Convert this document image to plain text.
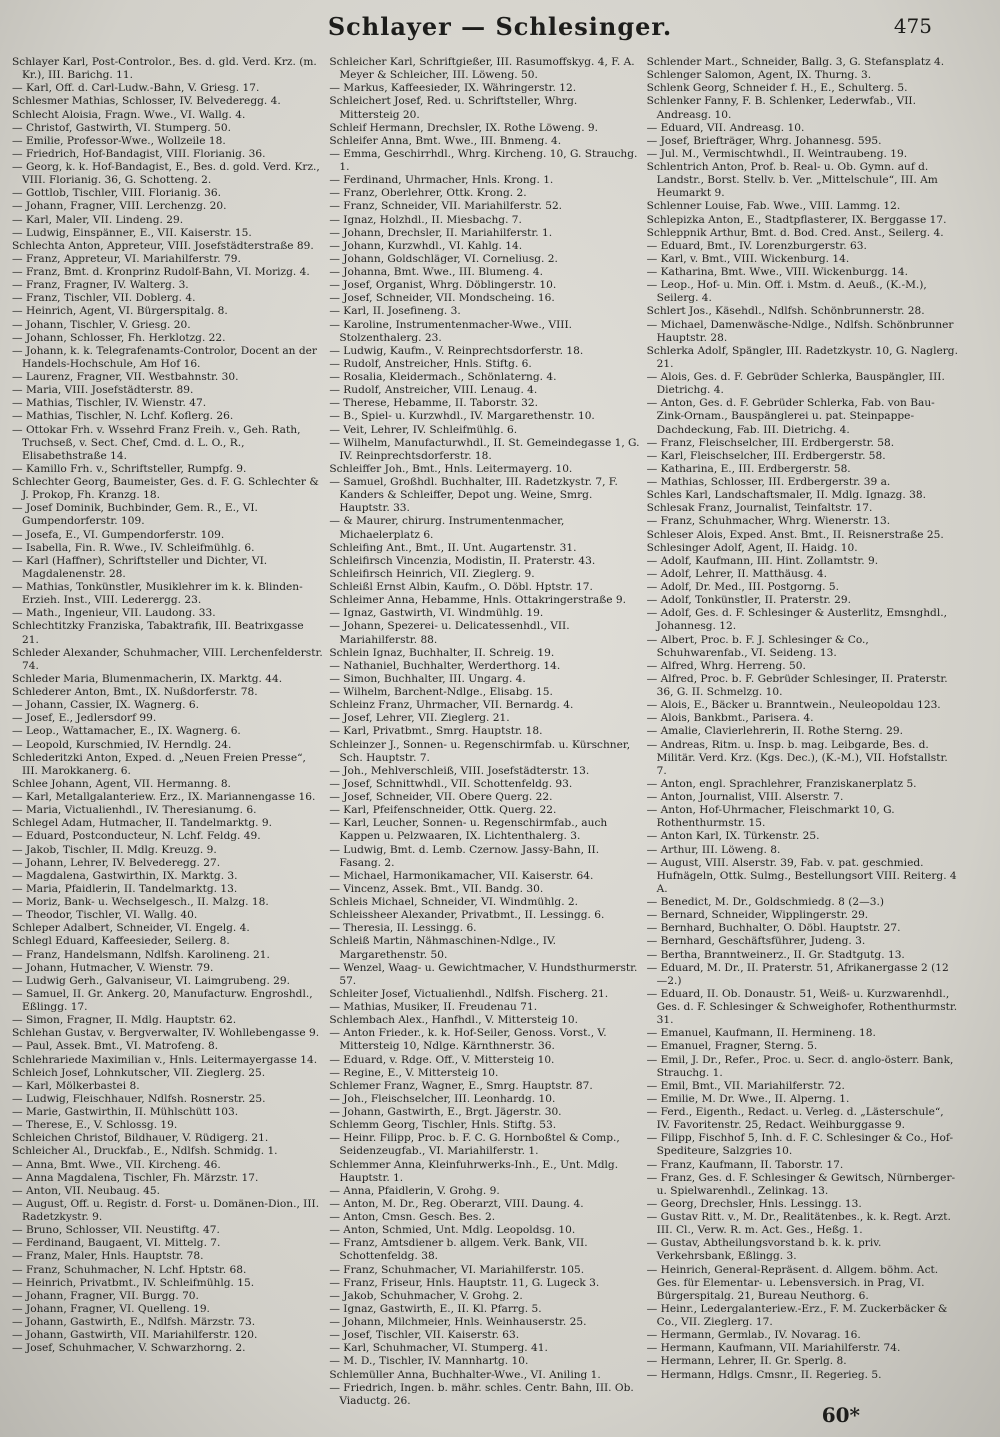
Schlayer — Schlesinger.	475

Schlayer Karl, Post-Controlor., Bes. d. gld. Verd. Krz. (m. Kr.), III. Barichg. 11.

— Karl, Off. d. Carl-Ludw.-Bahn, V. Griesg. 17.

Schlesmer Mathias, Schlosser, IV. Belvederegg. 4.

Schlecht Aloisia, Fragn. Wwe., VI. Wallg. 4.

— Christof, Gastwirth, VI. Stumperg. 50.

— Emilie, Professor-Wwe., Wollzeile 18.

— Friedrich, Hof-Bandagist, VIII. Florianig. 36.

— Georg, k. k. Hof-Bandagist, E., Bes. d. gold. Verd. Krz., VIII. Florianig. 36, G. Schotteng. 2.

— Gottlob, Tischler, VIII. Florianig. 36.

— Johann, Fragner, VIII. Lerchenzg. 20.

— Karl, Maler, VII. Lindeng. 29.

— Ludwig, Einspänner, E., VII. Kaiserstr. 15.

Schlechta Anton, Appreteur, VIII. Josefstädterstraße 89.

— Franz, Appreteur, VI. Mariahilferstr. 79.

— Franz, Bmt. d. Kronprinz Rudolf-Bahn, VI. Morizg. 4.

— Franz, Fragner, IV. Walterg. 3.

— Franz, Tischler, VII. Doblerg. 4.

— Heinrich, Agent, VI. Bürgerspitalg. 8.

— Johann, Tischler, V. Griesg. 20.

— Johann, Schlosser, Fh. Herklotzg. 22.

— Johann, k. k. Telegrafenamts-Controlor, Docent an der Handels-Hochschule, Am Hof 16.

— Laurenz, Fragner, VII. Westbahnstr. 30.

— Maria, VIII. Josefstädterstr. 89.

— Mathias, Tischler, IV. Wienstr. 47.

— Mathias, Tischler, N. Lchf. Koflerg. 26.

— Ottokar Frh. v. Wssehrd Franz Freih. v., Geh. Rath, Truchseß, v. Sect. Chef, Cmd. d. L. O., R., Elisabethstraße 14.

— Kamillo Frh. v., Schriftsteller, Rumpfg. 9.

Schlechter Georg, Baumeister, Ges. d. F. G. Schlechter & J. Prokop, Fh. Kranzg. 18.

— Josef Dominik, Buchbinder, Gem. R., E., VI. Gumpendorferstr. 109.

— Josefa, E., VI. Gumpendorferstr. 109.

— Isabella, Fin. R. Wwe., IV. Schleifmühlg. 6.

— Karl (Haffner), Schriftsteller und Dichter, VI. Magdalenenstr. 28.

— Mathias, Tonkünstler, Musiklehrer im k. k. Blinden-Erzieh. Inst., VIII. Lederergg. 23.

— Math., Ingenieur, VII. Laudong. 33.

Schlechtitzky Franziska, Tabaktrafik, III. Beatrixgasse 21.

Schleder Alexander, Schuhmacher, VIII. Lerchenfelderstr. 74.

Schleder Maria, Blumenmacherin, IX. Marktg. 44.

Schlederer Anton, Bmt., IX. Nußdorferstr. 78.

— Johann, Cassier, IX. Wagnerg. 6.

— Josef, E., Jedlersdorf 99.

— Leop., Wattamacher, E., IX. Wagnerg. 6.

— Leopold, Kurschmied, IV. Herndlg. 24.

Schlederitzki Anton, Exped. d. „Neuen Freien Presse“, III. Marokkanerg. 6.

Schlee Johann, Agent, VII. Hermanng. 8.

— Karl, Metallgalanteriew. Erz., IX. Mariannengasse 16.

— Maria, Victualienhdl., IV. Theresianumg. 6.

Schlegel Adam, Hutmacher, II. Tandelmarktg. 9.

— Eduard, Postconducteur, N. Lchf. Feldg. 49.

— Jakob, Tischler, II. Mdlg. Kreuzg. 9.

— Johann, Lehrer, IV. Belvederegg. 27.

— Magdalena, Gastwirthin, IX. Marktg. 3.

— Maria, Pfaidlerin, II. Tandelmarktg. 13.

— Moriz, Bank- u. Wechselgesch., II. Malzg. 18.

— Theodor, Tischler, VI. Wallg. 40.

Schleper Adalbert, Schneider, VI. Engelg. 4.

Schlegl Eduard, Kaffeesieder, Seilerg. 8.

— Franz, Handelsmann, Ndlfsh. Karolineng. 21.

— Johann, Hutmacher, V. Wienstr. 79.

— Ludwig Gerh., Galvaniseur, VI. Laimgrubeng. 29.

— Samuel, II. Gr. Ankerg. 20, Manufacturw. Engroshdl., Eßlingg. 17.

— Simon, Fragner, II. Mdlg. Hauptstr. 62.

Schlehan Gustav, v. Bergverwalter, IV. Wohllebengasse 9.

— Paul, Assek. Bmt., VI. Matrofeng. 8.

Schlehrariede Maximilian v., Hnls. Leitermayergasse 14.

Schleich Josef, Lohnkutscher, VII. Zieglerg. 25.

— Karl, Mölkerbastei 8.

— Ludwig, Fleischhauer, Ndlfsh. Rosnerstr. 25.

— Marie, Gastwirthin, II. Mühlschütt 103.

— Therese, E., V. Schlossg. 19.

Schleichen Christof, Bildhauer, V. Rüdigerg. 21.

Schleicher Al., Druckfab., E., Ndlfsh. Schmidg. 1.

— Anna, Bmt. Wwe., VII. Kircheng. 46.

— Anna Magdalena, Tischler, Fh. Märzstr. 17.

— Anton, VII. Neubaug. 45.

— August, Off. u. Registr. d. Forst- u. Domänen-Dion., III. Radetzkystr. 9.

— Bruno, Schlosser, VII. Neustiftg. 47.

— Ferdinand, Baugaent, VI. Mittelg. 7.

— Franz, Maler, Hnls. Hauptstr. 78.

— Franz, Schuhmacher, N. Lchf. Hptstr. 68.

— Heinrich, Privatbmt., IV. Schleifmühlg. 15.

— Johann, Fragner, VII. Burgg. 70.

— Johann, Fragner, VI. Quelleng. 19.

— Johann, Gastwirth, E., Ndlfsh. Märzstr. 73.

— Johann, Gastwirth, VII. Mariahilferstr. 120.

— Josef, Schuhmacher, V. Schwarzhorng. 2.

Schleicher Karl, Schriftgießer, III. Rasumoffskyg. 4, F. A. Meyer & Schleicher, III. Löweng. 50.

— Markus, Kaffeesieder, IX. Währingerstr. 12.

Schleichert Josef, Red. u. Schriftsteller, Whrg. Mittersteig 20.

Schleif Hermann, Drechsler, IX. Rothe Löweng. 9.

Schleifer Anna, Bmt. Wwe., III. Bnmeng. 4.

— Emma, Geschirrhdl., Whrg. Kircheng. 10, G. Strauchg. 1.

— Ferdinand, Uhrmacher, Hnls. Krong. 1.

— Franz, Oberlehrer, Ottk. Krong. 2.

— Franz, Schneider, VII. Mariahilferstr. 52.

— Ignaz, Holzhdl., II. Miesbachg. 7.

— Johann, Drechsler, II. Mariahilferstr. 1.

— Johann, Kurzwhdl., VI. Kahlg. 14.

— Johann, Goldschläger, VI. Corneliusg. 2.

— Johanna, Bmt. Wwe., III. Blumeng. 4.

— Josef, Organist, Whrg. Döblingerstr. 10.

— Josef, Schneider, VII. Mondscheing. 16.

— Karl, II. Josefineng. 3.

— Karoline, Instrumentenmacher-Wwe., VIII. Stolzenthalerg. 23.

— Ludwig, Kaufm., V. Reinprechtsdorferstr. 18.

— Rudolf, Anstreicher, Hnls. Stiftg. 6.

— Rosalia, Kleidermach., Schönlaterng. 4.

— Rudolf, Anstreicher, VIII. Lenaug. 4.

— Therese, Hebamme, II. Taborstr. 32.

— B., Spiel- u. Kurzwhdl., IV. Margarethenstr. 10.

— Veit, Lehrer, IV. Schleifmühlg. 6.

— Wilhelm, Manufacturwhdl., II. St. Gemeindegasse 1, G. IV. Reinprechtsdorferstr. 18.

Schleiffer Joh., Bmt., Hnls. Leitermayerg. 10.

— Samuel, Großhdl. Buchhalter, III. Radetzkystr. 7, F. Kanders & Schleiffer, Depot ung. Weine, Smrg. Hauptstr. 33.

— & Maurer, chirurg. Instrumentenmacher, Michaelerplatz 6.

Schleifing Ant., Bmt., II. Unt. Augartenstr. 31.

Schleifirsch Vincenzia, Modistin, II. Praterstr. 43.

Schleifirsch Heinrich, VII. Zieglerg. 9.

Schleißl Ernst Albin, Kaufm., O. Döbl. Hptstr. 17.

Schleimer Anna, Hebamme, Hnls. Ottakringerstraße 9.

— Ignaz, Gastwirth, VI. Windmühlg. 19.

— Johann, Spezerei- u. Delicatessenhdl., VII. Mariahilferstr. 88.

Schlein Ignaz, Buchhalter, II. Schreig. 19.

— Nathaniel, Buchhalter, Werderthorg. 14.

— Simon, Buchhalter, III. Ungarg. 4.

— Wilhelm, Barchent-Ndlge., Elisabg. 15.

Schleinz Franz, Uhrmacher, VII. Bernardg. 4.

— Josef, Lehrer, VII. Zieglerg. 21.

— Karl, Privatbmt., Smrg. Hauptstr. 18.

Schleinzer J., Sonnen- u. Regenschirmfab. u. Kürschner, Sch. Hauptstr. 7.

— Joh., Mehlverschleiß, VIII. Josefstädterstr. 13.

— Josef, Schnittwhdl., VII. Schottenfeldg. 93.

— Josef, Schneider, VII. Obere Querg. 22.

— Karl, Pfeifenschneider, Ottk. Querg. 22.

— Karl, Leucher, Sonnen- u. Regenschirmfab., auch Kappen u. Pelzwaaren, IX. Lichtenthalerg. 3.

— Ludwig, Bmt. d. Lemb. Czernow. Jassy-Bahn, II. Fasang. 2.

— Michael, Harmonikamacher, VII. Kaiserstr. 64.

— Vincenz, Assek. Bmt., VII. Bandg. 30.

Schleis Michael, Schneider, VI. Windmühlg. 2.

Schleissheer Alexander, Privatbmt., II. Lessingg. 6.

— Theresia, II. Lessingg. 6.

Schleiß Martin, Nähmaschinen-Ndlge., IV. Margarethenstr. 50.

— Wenzel, Waag- u. Gewichtmacher, V. Hundsthurmerstr. 57.

Schleiter Josef, Victualienhdl., Ndlfsh. Fischerg. 21.

— Mathias, Musiker, II. Freudenau 71.

Schlembach Alex., Hanfhdl., V. Mittersteig 10.

— Anton Frieder., k. k. Hof-Seiler, Genoss. Vorst., V. Mittersteig 10, Ndlge. Kärnthnerstr. 36.

— Eduard, v. Rdge. Off., V. Mittersteig 10.

— Regine, E., V. Mittersteig 10.

Schlemer Franz, Wagner, E., Smrg. Hauptstr. 87.

— Joh., Fleischselcher, III. Leonhardg. 10.

— Johann, Gastwirth, E., Brgt. Jägerstr. 30.

Schlemm Georg, Tischler, Hnls. Stiftg. 53.

— Heinr. Filipp, Proc. b. F. C. G. Hornboßtel & Comp., Seidenzeugfab., VI. Mariahilferstr. 1.

Schlemmer Anna, Kleinfuhrwerks-Inh., E., Unt. Mdlg. Hauptstr. 1.

— Anna, Pfaidlerin, V. Grohg. 9.

— Anton, M. Dr., Reg. Oberarzt, VIII. Daung. 4.

— Anton, Cmsn. Gesch. Bes. 2.

— Anton, Schmied, Unt. Mdlg. Leopoldsg. 10.

— Franz, Amtsdiener b. allgem. Verk. Bank, VII. Schottenfeldg. 38.

— Franz, Schuhmacher, VI. Mariahilferstr. 105.

— Franz, Friseur, Hnls. Hauptstr. 11, G. Lugeck 3.

— Jakob, Schuhmacher, V. Grohg. 2.

— Ignaz, Gastwirth, E., II. Kl. Pfarrg. 5.

— Johann, Milchmeier, Hnls. Weinhauserstr. 25.

— Josef, Tischler, VII. Kaiserstr. 63.

— Karl, Schuhmacher, VI. Stumperg. 41.

— M. D., Tischler, IV. Mannhartg. 10.

Schlemüller Anna, Buchhalter-Wwe., VI. Aniling 1.

— Friedrich, Ingen. b. mähr. schles. Centr. Bahn, III. Ob. Viaductg. 26.

Schlender Mart., Schneider, Ballg. 3, G. Stefansplatz 4.

Schlenger Salomon, Agent, IX. Thurng. 3.

Schlenk Georg, Schneider f. H., E., Schulterg. 5.

Schlenker Fanny, F. B. Schlenker, Lederwfab., VII. Andreasg. 10.

— Eduard, VII. Andreasg. 10.

— Josef, Briefträger, Whrg. Johannesg. 595.

— Jul. M., Vermischtwhdl., II. Weintraubeng. 19.

Schlentrich Anton, Prof. b. Real- u. Ob. Gymn. auf d. Landstr., Borst. Stellv. b. Ver. „Mittelschule“, III. Am Heumarkt 9.

Schlenner Louise, Fab. Wwe., VIII. Lammg. 12.

Schlepizka Anton, E., Stadtpflasterer, IX. Berggasse 17.

Schleppnik Arthur, Bmt. d. Bod. Cred. Anst., Seilerg. 4.

— Eduard, Bmt., IV. Lorenzburgerstr. 63.

— Karl, v. Bmt., VIII. Wickenburg. 14.

— Katharina, Bmt. Wwe., VIII. Wickenburgg. 14.

— Leop., Hof- u. Min. Off. i. Mstm. d. Aeuß., (K.-M.), Seilerg. 4.

Schlert Jos., Käsehdl., Ndlfsh. Schönbrunnerstr. 28.

— Michael, Damenwäsche-Ndlge., Ndlfsh. Schönbrunner Hauptstr. 28.

Schlerka Adolf, Spängler, III. Radetzkystr. 10, G. Naglerg. 21.

— Alois, Ges. d. F. Gebrüder Schlerka, Bauspängler, III. Dietrichg. 4.

— Anton, Ges. d. F. Gebrüder Schlerka, Fab. von Bau-Zink-Ornam., Bauspänglerei u. pat. Steinpappe-Dachdeckung, Fab. III. Dietrichg. 4.

— Franz, Fleischselcher, III. Erdbergerstr. 58.

— Karl, Fleischselcher, III. Erdbergerstr. 58.

— Katharina, E., III. Erdbergerstr. 58.

— Mathias, Schlosser, III. Erdbergerstr. 39 a.

Schles Karl, Landschaftsmaler, II. Mdlg. Ignazg. 38.

Schlesak Franz, Journalist, Teinfaltstr. 17.

— Franz, Schuhmacher, Whrg. Wienerstr. 13.

Schleser Alois, Exped. Anst. Bmt., II. Reisnerstraße 25.

Schlesinger Adolf, Agent, II. Haidg. 10.

— Adolf, Kaufmann, III. Hint. Zollamtstr. 9.

— Adolf, Lehrer, II. Matthäusg. 4.

— Adolf, Dr. Med., III. Postgorng. 5.

— Adolf, Tonkünstler, II. Praterstr. 29.

— Adolf, Ges. d. F. Schlesinger & Austerlitz, Emsnghdl., Johannesg. 12.

— Albert, Proc. b. F. J. Schlesinger & Co., Schuhwarenfab., VI. Seideng. 13.

— Alfred, Whrg. Herreng. 50.

— Alfred, Proc. b. F. Gebrüder Schlesinger, II. Praterstr. 36, G. II. Schmelzg. 10.

— Alois, E., Bäcker u. Branntwein., Neuleopoldau 123.

— Alois, Bankbmt., Parisera. 4.

— Amalie, Clavierlehrerin, II. Rothe Sterng. 29.

— Andreas, Ritm. u. Insp. b. mag. Leibgarde, Bes. d. Militär. Verd. Krz. (Kgs. Dec.), (K.-M.), VII. Hofstallstr. 7.

— Anton, engl. Sprachlehrer, Franziskanerplatz 5.

— Anton, Journalist, VIII. Alserstr. 7.

— Anton, Hof-Uhrmacher, Fleischmarkt 10, G. Rothenthurmstr. 15.

— Anton Karl, IX. Türkenstr. 25.

— Arthur, III. Löweng. 8.

— August, VIII. Alserstr. 39, Fab. v. pat. geschmied. Hufnägeln, Ottk. Sulmg., Bestellungsort VIII. Reiterg. 4 A.

— Benedict, M. Dr., Goldschmiedg. 8 (2—3.)

— Bernard, Schneider, Wipplingerstr. 29.

— Bernhard, Buchhalter, O. Döbl. Hauptstr. 27.

— Bernhard, Geschäftsführer, Judeng. 3.

— Bertha, Branntweinerz., II. Gr. Stadtgutg. 13.

— Eduard, M. Dr., II. Praterstr. 51, Afrikanergasse 2 (12—2.)

— Eduard, II. Ob. Donaustr. 51, Weiß- u. Kurzwarenhdl., Ges. d. F. Schlesinger & Schweighofer, Rothenthurmstr. 31.

— Emanuel, Kaufmann, II. Hermineng. 18.

— Emanuel, Fragner, Sterng. 5.

— Emil, J. Dr., Refer., Proc. u. Secr. d. anglo-österr. Bank, Strauchg. 1.

— Emil, Bmt., VII. Mariahilferstr. 72.

— Emilie, M. Dr. Wwe., II. Alperng. 1.

— Ferd., Eigenth., Redact. u. Verleg. d. „Lästerschule“, IV. Favoritenstr. 25, Redact. Weihburggasse 9.

— Filipp, Fischhof 5, Inh. d. F. C. Schlesinger & Co., Hof-Spediteure, Salzgries 10.

— Franz, Kaufmann, II. Taborstr. 17.

— Franz, Ges. d. F. Schlesinger & Gewitsch, Nürnberger- u. Spielwarenhdl., Zelinkag. 13.

— Georg, Drechsler, Hnls. Lessingg. 13.

— Gustav Ritt. v., M. Dr., Realitätenbes., k. k. Regt. Arzt. III. Cl., Verw. R. m. Act. Ges., Heßg. 1.

— Gustav, Abtheilungsvorstand b. k. k. priv. Verkehrsbank, Eßlingg. 3.

— Heinrich, General-Repräsent. d. Allgem. böhm. Act. Ges. für Elementar- u. Lebensversich. in Prag, VI. Bürgerspitalg. 21, Bureau Neuthorg. 6.

— Heinr., Ledergalanteriew.-Erz., F. M. Zuckerbäcker & Co., VII. Zieglerg. 17.

— Hermann, Germlab., IV. Novarag. 16.

— Hermann, Kaufmann, VII. Mariahilferstr. 74.

— Hermann, Lehrer, II. Gr. Sperlg. 8.

— Hermann, Hdlgs. Cmsnr., II. Regerieg. 5.

60*
